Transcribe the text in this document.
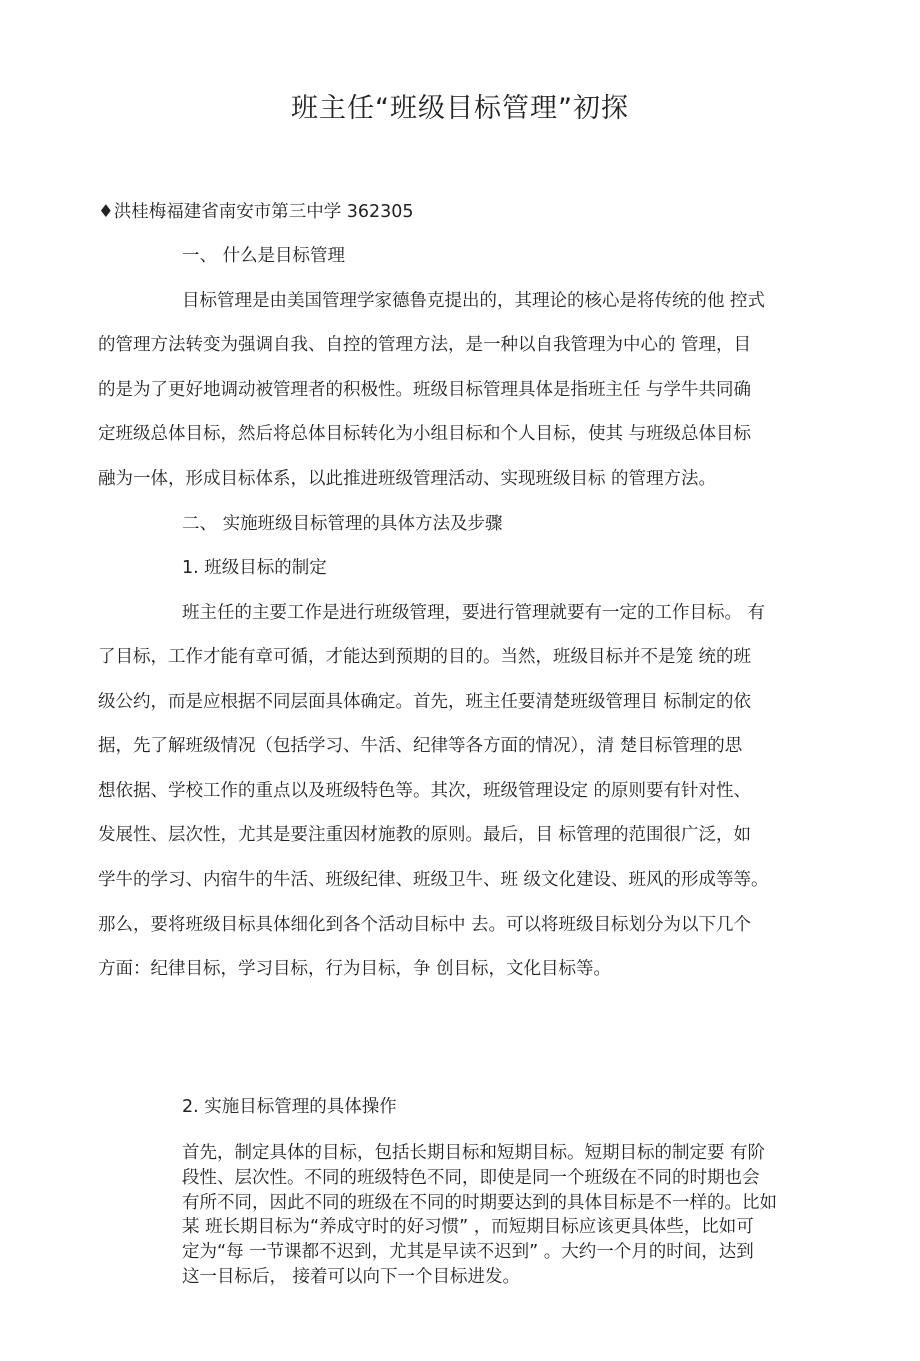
班主任“班级目标管理”初探
♦洪桂梅福建省南安市第三中学 362305
一、 什么是目标管理
目标管理是由美国管理学家德鲁克提出的，其理论的核心是将传统的他 控式
的管理方法转变为强调自我、自控的管理方法，是一种以自我管理为中心的 管理，目
的是为了更好地调动被管理者的积极性。班级目标管理具体是指班主任 与学牛共同确
定班级总体目标，然后将总体目标转化为小组目标和个人目标，使其 与班级总体目标
融为一体，形成目标体系，以此推进班级管理活动、实现班级目标 的管理方法。
二、 实施班级目标管理的具体方法及步骤
1. 班级目标的制定
班主任的主要工作是进行班级管理，要进行管理就要有一定的工作目标。 有
了目标，工作才能有章可循，才能达到预期的目的。当然，班级目标并不是笼 统的班
级公约，而是应根据不同层面具体确定。首先，班主任要清楚班级管理目 标制定的依
据，先了解班级情况（包括学习、牛活、纪律等各方面的情况），清 楚目标管理的思
想依据、学校工作的重点以及班级特色等。其次，班级管理设定 的原则要有针对性、
发展性、层次性，尤其是要注重因材施教的原则。最后，目 标管理的范围很广泛，如
学牛的学习、内宿牛的牛活、班级纪律、班级卫牛、班 级文化建设、班风的形成等等。
那么，要将班级目标具体细化到各个活动目标中 去。可以将班级目标划分为以下几个
方面：纪律目标，学习目标，行为目标，争 创目标，文化目标等。
2. 实施目标管理的具体操作
首先，制定具体的目标，包括长期目标和短期目标。短期目标的制定要 有阶
段性、层次性。不同的班级特色不同，即使是同一个班级在不同的时期也会
有所不同，因此不同的班级在不同的时期要达到的具体目标是不一样的。比如
某 班长期目标为“养成守时的好习惯” ，而短期目标应该更具体些，比如可
定为“每 一节课都不迟到，尤其是早读不迟到” 。大约一个月的时间，达到
这一目标后， 接着可以向下一个目标进发。
